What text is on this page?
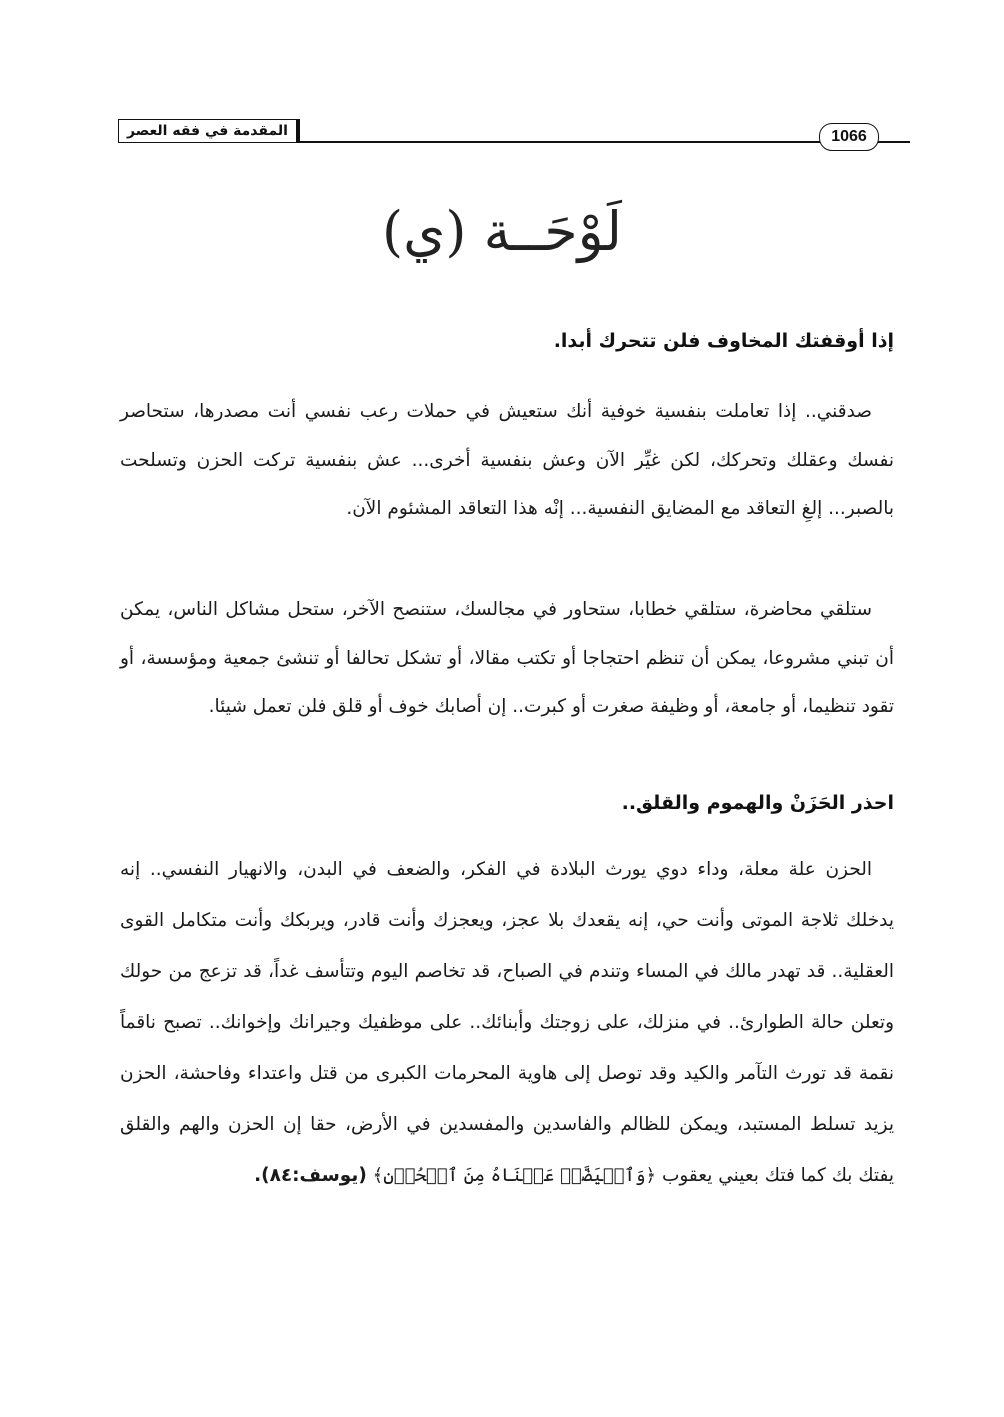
المقدمة في فقه العصر	1066
لَوْحَــة (ي)
إذا أوقفتك المخاوف فلن تتحرك أبدا.
صدقني.. إذا تعاملت بنفسية خوفية أنك ستعيش في حملات رعب نفسي أنت مصدرها، ستحاصر نفسك وعقلك وتحركك، لكن غيِّر الآن وعش بنفسية أخرى... عش بنفسية تركت الحزن وتسلحت بالصبر... إلغِ التعاقد مع المضايق النفسية... إنْه هذا التعاقد المشئوم الآن.
ستلقي محاضرة، ستلقي خطابا، ستحاور في مجالسك، ستنصح الآخر، ستحل مشاكل الناس، يمكن أن تبني مشروعا، يمكن أن تنظم احتجاجا أو تكتب مقالا، أو تشكل تحالفا أو تنشئ جمعية ومؤسسة، أو تقود تنظيما، أو جامعة، أو وظيفة صغرت أو كبرت.. إن أصابك خوف أو قلق فلن تعمل شيئا.
احذر الحَزَنْ والهموم والقلق..
الحزن علة معلة، وداء دوي يورث البلادة في الفكر، والضعف في البدن، والانهيار النفسي.. إنه يدخلك ثلاجة الموتى وأنت حي، إنه يقعدك بلا عجز، ويعجزك وأنت قادر، ويربكك وأنت متكامل القوى العقلية.. قد تهدر مالك في المساء وتندم في الصباح، قد تخاصم اليوم وتتأسف غداً، قد تزعج من حولك وتعلن حالة الطوارئ.. في منزلك، على زوجتك وأبنائك.. على موظفيك وجيرانك وإخوانك.. تصبح ناقماً نقمة قد تورث التآمر والكيد وقد توصل إلى هاوية المحرمات الكبرى من قتل واعتداء وفاحشة، الحزن يزيد تسلط المستبد، ويمكن للظالم والفاسدين والمفسدين في الأرض، حقا إن الحزن والهم والقلق يفتك بك كما فتك بعيني يعقوب ﴿وَٱبۡيَضَّتۡ عَيۡنَاهُ مِنَ ٱلۡحُزۡنِ﴾ (يوسف:٨٤).
